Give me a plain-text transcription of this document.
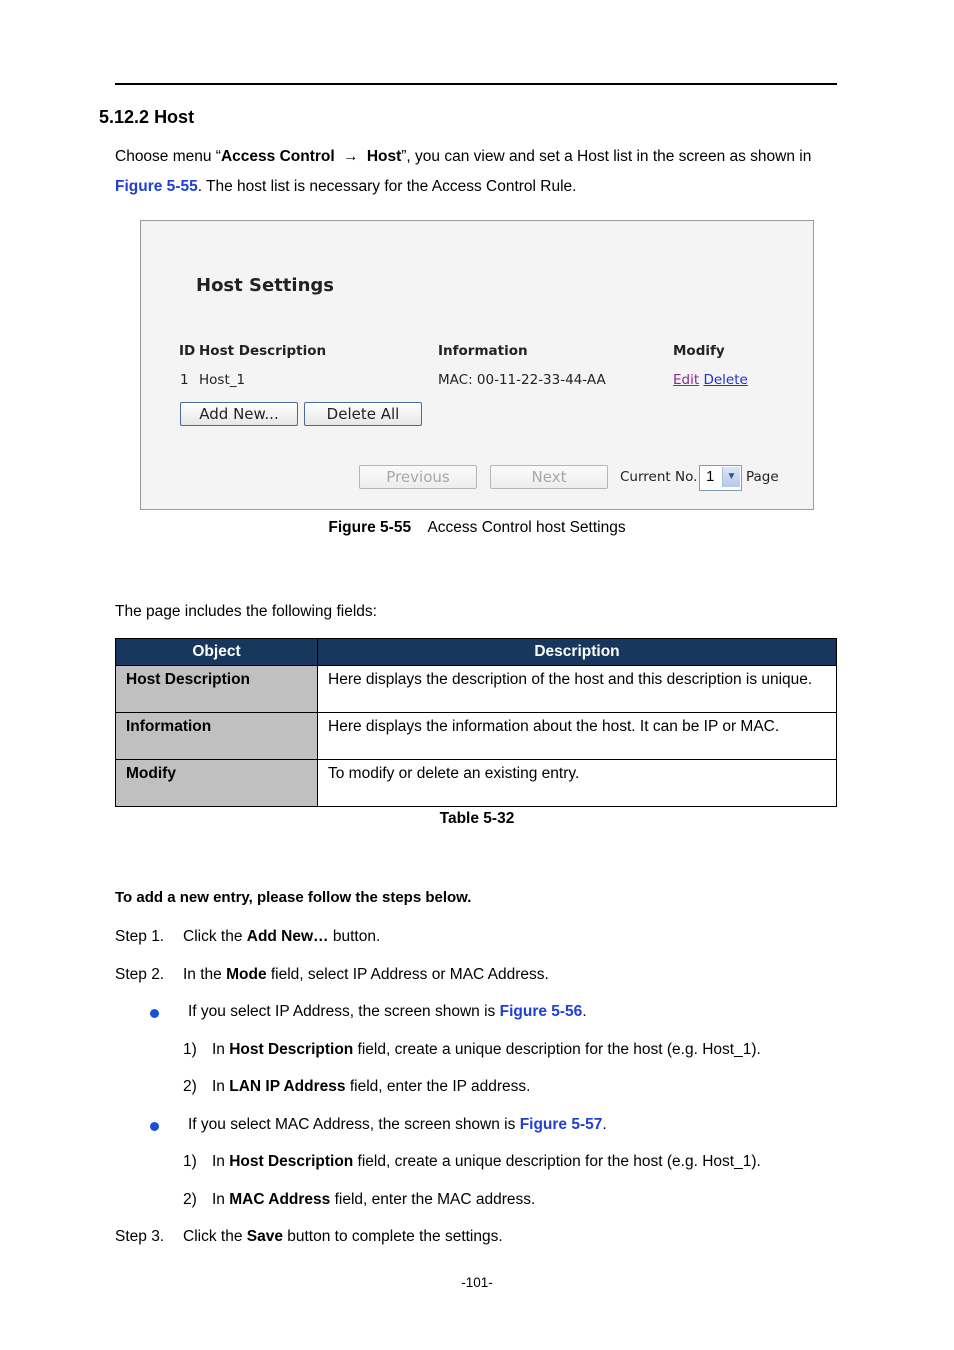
5.12.2 Host
Choose menu “Access Control → Host”, you can view and set a Host list in the screen as shown in
Figure 5-55. The host list is necessary for the Access Control Rule.
Host Settings
ID Host Description	Information	Modify
1 Host_1	MAC: 00-11-22-33-44-AA	Edit Delete
Add New...	Delete All
Previous	Next	Current No. 1	▼ Page
Figure 5-55 Access Control host Settings
The page includes the following fields:
Object	Description
Host Description	Here displays the description of the host and this description is unique.
Information	Here displays the information about the host. It can be IP or MAC.
Modify	To modify or delete an existing entry.
Table 5-32
To add a new entry, please follow the steps below.
Step 1. Click the Add New… button.
Step 2. In the Mode field, select IP Address or MAC Address.
If you select IP Address, the screen shown is Figure 5-56.
1) In Host Description field, create a unique description for the host (e.g. Host_1).
2) In LAN IP Address field, enter the IP address.
If you select MAC Address, the screen shown is Figure 5-57.
1) In Host Description field, create a unique description for the host (e.g. Host_1).
2) In MAC Address field, enter the MAC address.
Step 3. Click the Save button to complete the settings.
-101-
